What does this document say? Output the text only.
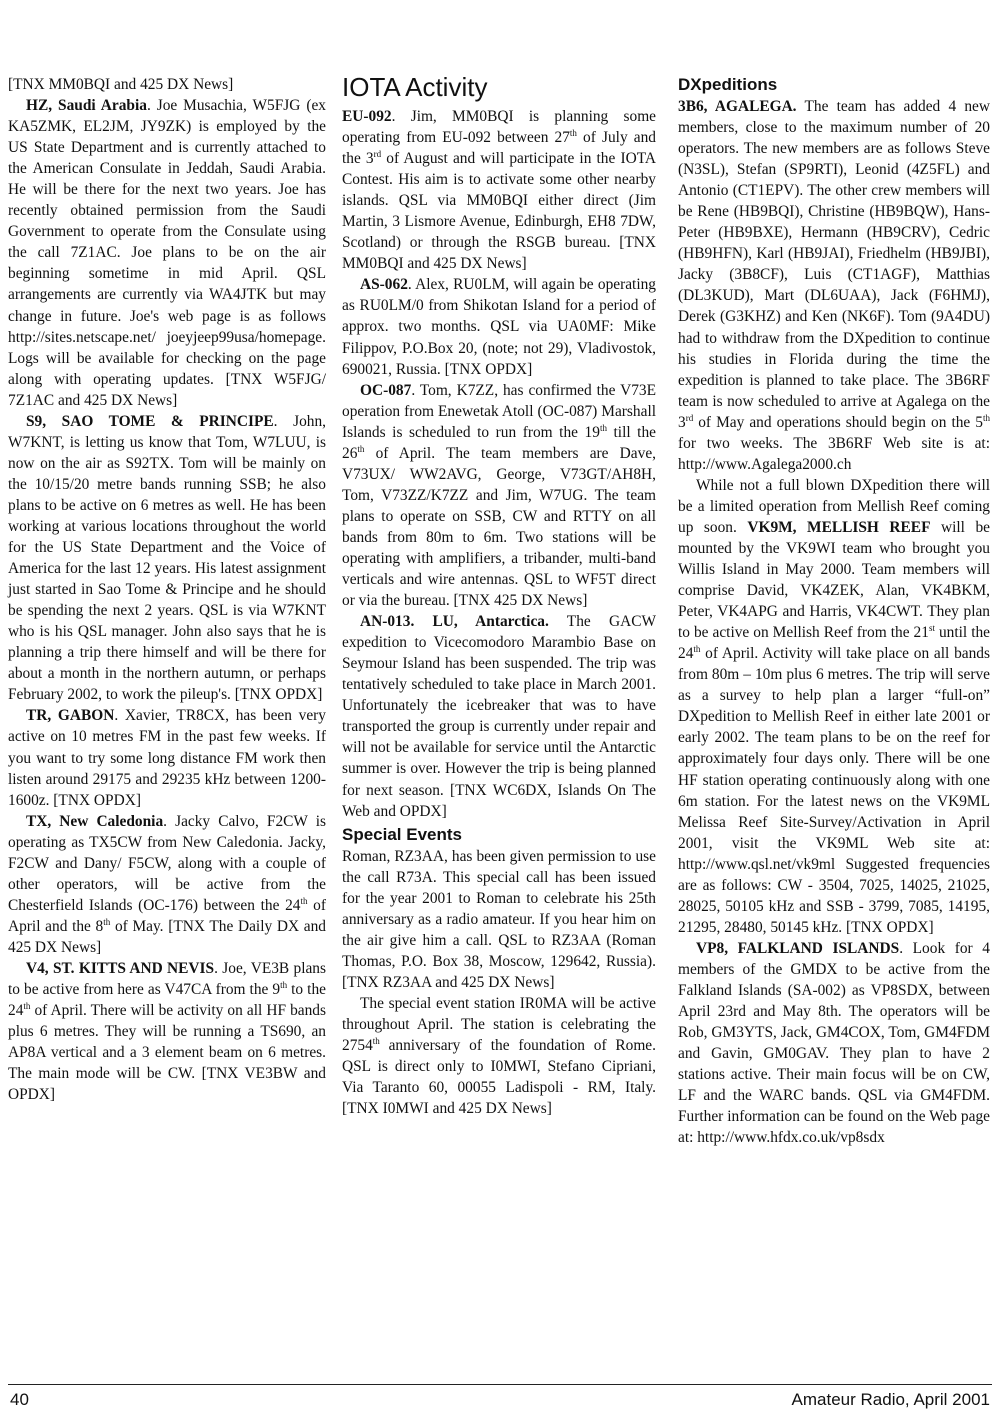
[TNX MM0BQI and 425 DX News]

HZ, Saudi Arabia. Joe Musachia, W5FJG (ex KA5ZMK, EL2JM, JY9ZK) is employed by the US State Department and is currently attached to the American Consulate in Jeddah, Saudi Arabia. He will be there for the next two years. Joe has recently obtained permission from the Saudi Government to operate from the Consulate using the call 7Z1AC. Joe plans to be on the air beginning sometime in mid April. QSL arrangements are currently via WA4JTK but may change in future. Joe's web page is as follows http://sites.netscape.net/ joeyjeep99usa/homepage. Logs will be available for checking on the page along with operating updates. [TNX W5FJG/ 7Z1AC and 425 DX News]

S9, SAO TOME & PRINCIPE. John, W7KNT, is letting us know that Tom, W7LUU, is now on the air as S92TX. Tom will be mainly on the 10/15/20 metre bands running SSB; he also plans to be active on 6 metres as well. He has been working at various locations throughout the world for the US State Department and the Voice of America for the last 12 years. His latest assignment just started in Sao Tome & Principe and he should be spending the next 2 years. QSL is via W7KNT who is his QSL manager. John also says that he is planning a trip there himself and will be there for about a month in the northern autumn, or perhaps February 2002, to work the pileup's. [TNX OPDX]

TR, GABON. Xavier, TR8CX, has been very active on 10 metres FM in the past few weeks. If you want to try some long distance FM work then listen around 29175 and 29235 kHz between 1200-1600z. [TNX OPDX]

TX, New Caledonia. Jacky Calvo, F2CW is operating as TX5CW from New Caledonia. Jacky, F2CW and Dany/ F5CW, along with a couple of other operators, will be active from the Chesterfield Islands (OC-176) between the 24th of April and the 8th of May. [TNX The Daily DX and 425 DX News]

V4, ST. KITTS AND NEVIS. Joe, VE3B plans to be active from here as V47CA from the 9th to the 24th of April. There will be activity on all HF bands plus 6 metres. They will be running a TS690, an AP8A vertical and a 3 element beam on 6 metres. The main mode will be CW. [TNX VE3BW and OPDX]

IOTA Activity

EU-092. Jim, MM0BQI is planning some operating from EU-092 between 27th of July and the 3rd of August and will participate in the IOTA Contest. His aim is to activate some other nearby islands. QSL via MM0BQI either direct (Jim Martin, 3 Lismore Avenue, Edinburgh, EH8 7DW, Scotland) or through the RSGB bureau. [TNX MM0BQI and 425 DX News]

AS-062. Alex, RU0LM, will again be operating as RU0LM/0 from Shikotan Island for a period of approx. two months. QSL via UA0MF: Mike Filippov, P.O.Box 20, (note; not 29), Vladivostok, 690021, Russia. [TNX OPDX]

OC-087. Tom, K7ZZ, has confirmed the V73E operation from Enewetak Atoll (OC-087) Marshall Islands is scheduled to run from the 19th till the 26th of April. The team members are Dave, V73UX/ WW2AVG, George, V73GT/AH8H, Tom, V73ZZ/K7ZZ and Jim, W7UG. The team plans to operate on SSB, CW and RTTY on all bands from 80m to 6m. Two stations will be operating with amplifiers, a tribander, multi-band verticals and wire antennas. QSL to WF5T direct or via the bureau. [TNX 425 DX News]

AN-013. LU, Antarctica. The GACW expedition to Vicecomodoro Marambio Base on Seymour Island has been suspended. The trip was tentatively scheduled to take place in March 2001. Unfortunately the icebreaker that was to have transported the group is currently under repair and will not be available for service until the Antarctic summer is over. However the trip is being planned for next season. [TNX WC6DX, Islands On The Web and OPDX]

Special Events

Roman, RZ3AA, has been given permission to use the call R73A. This special call has been issued for the year 2001 to Roman to celebrate his 25th anniversary as a radio amateur. If you hear him on the air give him a call. QSL to RZ3AA (Roman Thomas, P.O. Box 38, Moscow, 129642, Russia). [TNX RZ3AA and 425 DX News]

The special event station IR0MA will be active throughout April. The station is celebrating the 2754th anniversary of the foundation of Rome. QSL is direct only to I0MWI, Stefano Cipriani, Via Taranto 60, 00055 Ladispoli - RM, Italy. [TNX I0MWI and 425 DX News]

DXpeditions

3B6, AGALEGA. The team has added 4 new members, close to the maximum number of 20 operators. The new members are as follows Steve (N3SL), Stefan (SP9RTI), Leonid (4Z5FL) and Antonio (CT1EPV). The other crew members will be Rene (HB9BQI), Christine (HB9BQW), Hans-Peter (HB9BXE), Hermann (HB9CRV), Cedric (HB9HFN), Karl (HB9JAI), Friedhelm (HB9JBI), Jacky (3B8CF), Luis (CT1AGF), Matthias (DL3KUD), Mart (DL6UAA), Jack (F6HMJ), Derek (G3KHZ) and Ken (NK6F). Tom (9A4DU) had to withdraw from the DXpedition to continue his studies in Florida during the time the expedition is planned to take place. The 3B6RF team is now scheduled to arrive at Agalega on the 3rd of May and operations should begin on the 5th for two weeks. The 3B6RF Web site is at: http://www.Agalega2000.ch

While not a full blown DXpedition there will be a limited operation from Mellish Reef coming up soon. VK9M, MELLISH REEF will be mounted by the VK9WI team who brought you Willis Island in May 2000. Team members will comprise David, VK4ZEK, Alan, VK4BKM, Peter, VK4APG and Harris, VK4CWT. They plan to be active on Mellish Reef from the 21st until the 24th of April. Activity will take place on all bands from 80m – 10m plus 6 metres. The trip will serve as a survey to help plan a larger “full-on” DXpedition to Mellish Reef in either late 2001 or early 2002. The team plans to be on the reef for approximately four days only. There will be one HF station operating continuously along with one 6m station. For the latest news on the VK9ML Melissa Reef Site-Survey/Activation in April 2001, visit the VK9ML Web site at: http://www.qsl.net/vk9ml Suggested frequencies are as follows: CW - 3504, 7025, 14025, 21025, 28025, 50105 kHz and SSB - 3799, 7085, 14195, 21295, 28480, 50145 kHz. [TNX OPDX]

VP8, FALKLAND ISLANDS. Look for 4 members of the GMDX to be active from the Falkland Islands (SA-002) as VP8SDX, between April 23rd and May 8th. The operators will be Rob, GM3YTS, Jack, GM4COX, Tom, GM4FDM and Gavin, GM0GAV. They plan to have 2 stations active. Their main focus will be on CW, LF and the WARC bands. QSL via GM4FDM. Further information can be found on the Web page at: http://www.hfdx.co.uk/vp8sdx

40	Amateur Radio, April 2001
